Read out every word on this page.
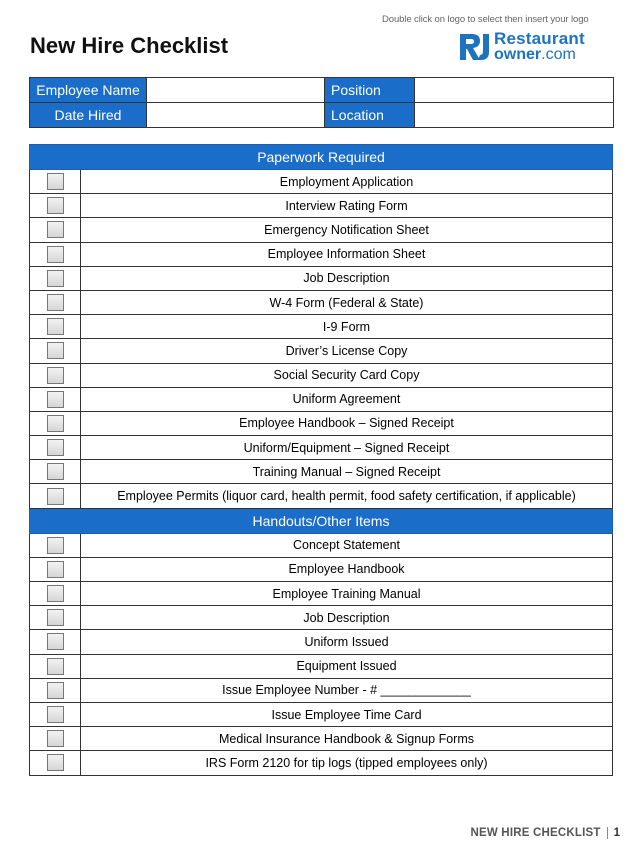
Double click on logo to select then insert your logo
New Hire Checklist	Restaurant
owner.com
Employee Name		Position	
Date Hired		Location	
Paperwork Required	
	Employment Application
	Interview Rating Form
	Emergency Notification Sheet
	Employee Information Sheet
	Job Description
	W-4 Form (Federal & State)
	I-9 Form
	Driver’s License Copy
	Social Security Card Copy
	Uniform Agreement
	Employee Handbook – Signed Receipt
	Uniform/Equipment – Signed Receipt
	Training Manual – Signed Receipt
	Employee Permits (liquor card, health permit, food safety certification, if applicable)
Handouts/Other Items	
	Concept Statement
	Employee Handbook
	Employee Training Manual
	Job Description
	Uniform Issued
	Equipment Issued
	Issue Employee Number - # _____________
	Issue Employee Time Card
	Medical Insurance Handbook & Signup Forms
	IRS Form 2120 for tip logs (tipped employees only)
NEW HIRE CHECKLIST 1
